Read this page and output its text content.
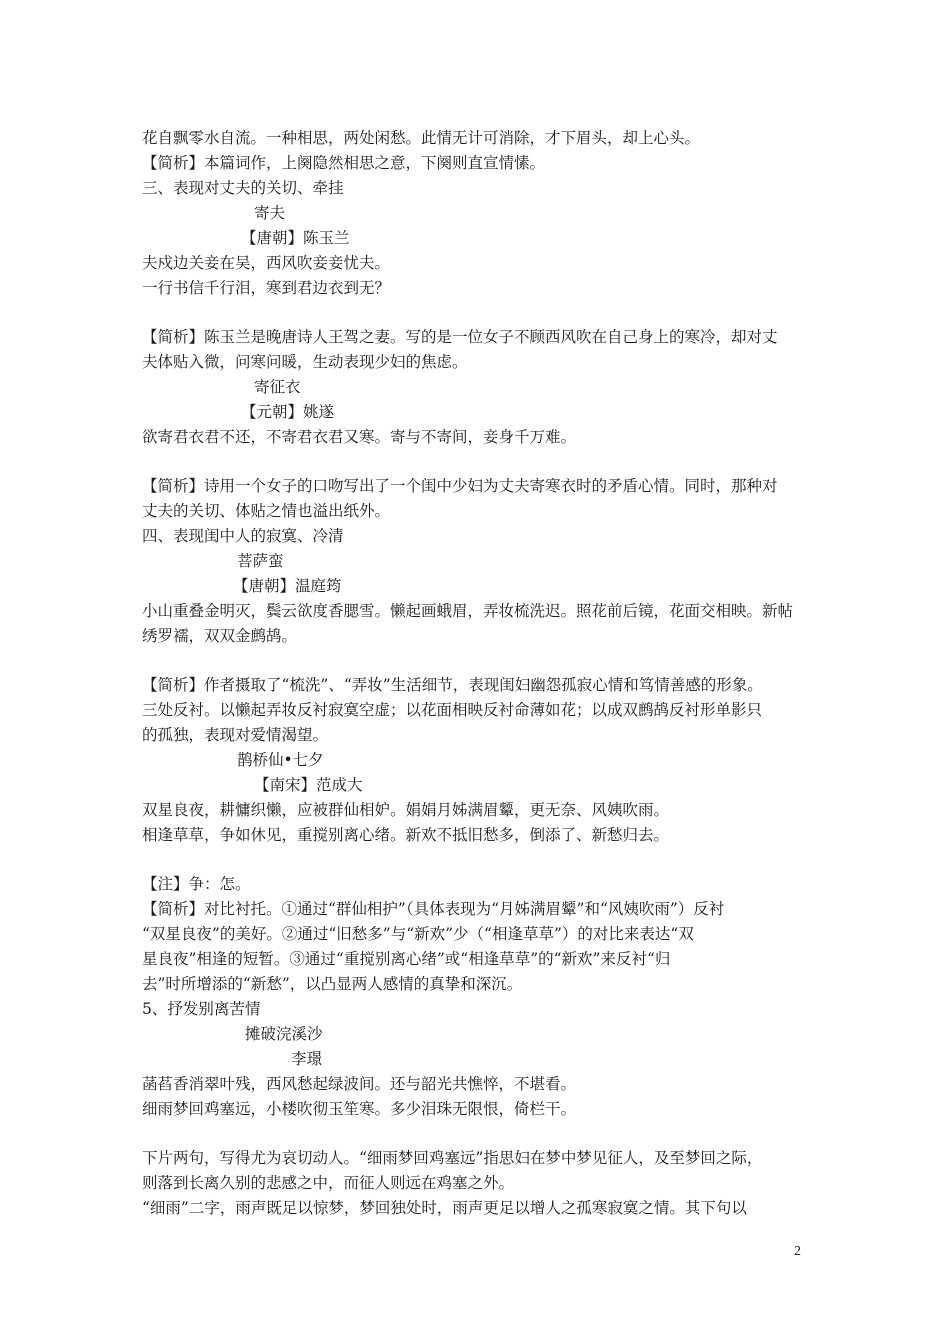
花自飘零水自流。一种相思，两处闲愁。此情无计可消除，才下眉头，却上心头。
【简析】本篇词作，上阕隐然相思之意，下阕则直宣情愫。
三、表现对丈夫的关切、牵挂
寄夫
【唐朝】陈玉兰
夫戍边关妾在吴，西风吹妾妾忧夫。
一行书信千行泪，寒到君边衣到无？
【简析】陈玉兰是晚唐诗人王驾之妻。写的是一位女子不顾西风吹在自己身上的寒冷，却对丈
夫体贴入微，问寒问暖，生动表现少妇的焦虑。
寄征衣
【元朝】姚遂
欲寄君衣君不还，不寄君衣君又寒。寄与不寄间，妾身千万难。
【简析】诗用一个女子的口吻写出了一个闺中少妇为丈夫寄寒衣时的矛盾心情。同时，那种对
丈夫的关切、体贴之情也溢出纸外。
四、表现闺中人的寂寞、冷清
菩萨蛮
【唐朝】温庭筠
小山重叠金明灭，鬓云欲度香腮雪。懒起画蛾眉，弄妆梳洗迟。照花前后镜，花面交相映。新帖
绣罗襦，双双金鹧鸪。
【简析】作者摄取了“梳洗”、“弄妆”生活细节，表现闺妇幽怨孤寂心情和笃情善感的形象。
三处反衬。以懒起弄妆反衬寂寞空虚；以花面相映反衬命薄如花；以成双鹧鸪反衬形单影只
的孤独，表现对爱情渴望。
鹊桥仙•七夕
【南宋】范成大
双星良夜，耕慵织懒，应被群仙相妒。娟娟月姊满眉颦，更无奈、风姨吹雨。
相逢草草，争如休见，重搅别离心绪。新欢不抵旧愁多，倒添了、新愁归去。
【注】争：怎。
【简析】对比衬托。①通过“群仙相护”（具体表现为“月姊满眉颦”和“风姨吹雨”）反衬
“双星良夜”的美好。②通过“旧愁多”与“新欢”少（“相逢草草”）的对比来表达“双
星良夜”相逢的短暂。③通过“重搅别离心绪”或“相逢草草”的“新欢”来反衬“归
去”时所增添的“新愁”，以凸显两人感情的真挚和深沉。
5、抒发别离苦情
摊破浣溪沙
李璟
菡萏香消翠叶残，西风愁起绿波间。还与韶光共憔悴，不堪看。
细雨梦回鸡塞远，小楼吹彻玉笙寒。多少泪珠无限恨，倚栏干。
下片两句，写得尤为哀切动人。“细雨梦回鸡塞远”指思妇在梦中梦见征人，及至梦回之际，
则落到长离久别的悲感之中，而征人则远在鸡塞之外。
“细雨”二字，雨声既足以惊梦，梦回独处时，雨声更足以增人之孤寒寂寞之情。其下句以
2
